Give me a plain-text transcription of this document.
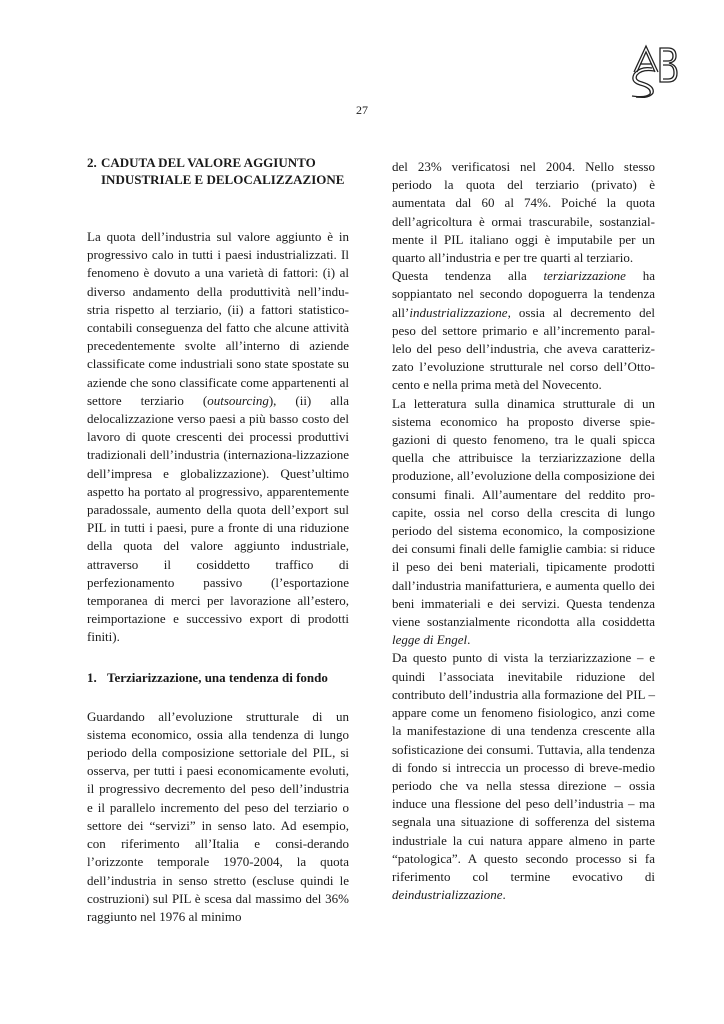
27
2. CADUTA DEL VALORE AGGIUNTO
INDUSTRIALE E DELOCALIZZAZIONE

La quota dell’industria sul valore aggiunto è in progressivo calo in tutti i paesi industrializzati. Il fenomeno è dovuto a una varietà di fattori: (i) al diverso andamento della produttività nell’indu-stria rispetto al terziario, (ii) a fattori statistico-contabili conseguenza del fatto che alcune attività precedentemente svolte all’interno di aziende classificate come industriali sono state spostate su aziende che sono classificate come appartenenti al settore terziario (outsourcing), (ii) alla delocalizzazione verso paesi a più basso costo del lavoro di quote crescenti dei processi produttivi tradizionali dell’industria (internaziona-lizzazione dell’impresa e globalizzazione). Quest’ultimo aspetto ha portato al progressivo, apparentemente paradossale, aumento della quota dell’export sul PIL in tutti i paesi, pure a fronte di una riduzione della quota del valore aggiunto industriale, attraverso il cosiddetto traffico di perfezionamento passivo (l’esportazione temporanea di merci per lavorazione all’estero, reimportazione e successivo export di prodotti finiti).

1. Terziarizzazione, una tendenza di fondo

Guardando all’evoluzione strutturale di un sistema economico, ossia alla tendenza di lungo periodo della composizione settoriale del PIL, si osserva, per tutti i paesi economicamente evoluti, il progressivo decremento del peso dell’industria e il parallelo incremento del peso del terziario o settore dei “servizi” in senso lato. Ad esempio, con riferimento all’Italia e consi-derando l’orizzonte temporale 1970-2004, la quota dell’industria in senso stretto (escluse quindi le costruzioni) sul PIL è scesa dal massimo del 36% raggiunto nel 1976 al minimo

del 23% verificatosi nel 2004. Nello stesso periodo la quota del terziario (privato) è aumentata dal 60 al 74%. Poiché la quota dell’agricoltura è ormai trascurabile, sostanzial-mente il PIL italiano oggi è imputabile per un quarto all’industria e per tre quarti al terziario.

Questa tendenza alla terziarizzazione ha soppiantato nel secondo dopoguerra la tendenza all’industrializzazione, ossia al decremento del peso del settore primario e all’incremento paral-lelo del peso dell’industria, che aveva caratteriz-zato l’evoluzione strutturale nel corso dell’Otto-cento e nella prima metà del Novecento.

La letteratura sulla dinamica strutturale di un sistema economico ha proposto diverse spie-gazioni di questo fenomeno, tra le quali spicca quella che attribuisce la terziarizzazione della produzione, all’evoluzione della composizione dei consumi finali. All’aumentare del reddito pro-capite, ossia nel corso della crescita di lungo periodo del sistema economico, la composizione dei consumi finali delle famiglie cambia: si riduce il peso dei beni materiali, tipicamente prodotti dall’industria manifatturiera, e aumenta quello dei beni immateriali e dei servizi. Questa tendenza viene sostanzialmente ricondotta alla cosiddetta legge di Engel.

Da questo punto di vista la terziarizzazione – e quindi l’associata inevitabile riduzione del contributo dell’industria alla formazione del PIL – appare come un fenomeno fisiologico, anzi come la manifestazione di una tendenza crescente alla sofisticazione dei consumi. Tuttavia, alla tendenza di fondo si intreccia un processo di breve-medio periodo che va nella stessa direzione – ossia induce una flessione del peso dell’industria – ma segnala una situazione di sofferenza del sistema industriale la cui natura appare almeno in parte “patologica”. A questo secondo processo si fa riferimento col termine evocativo di deindustrializzazione.
